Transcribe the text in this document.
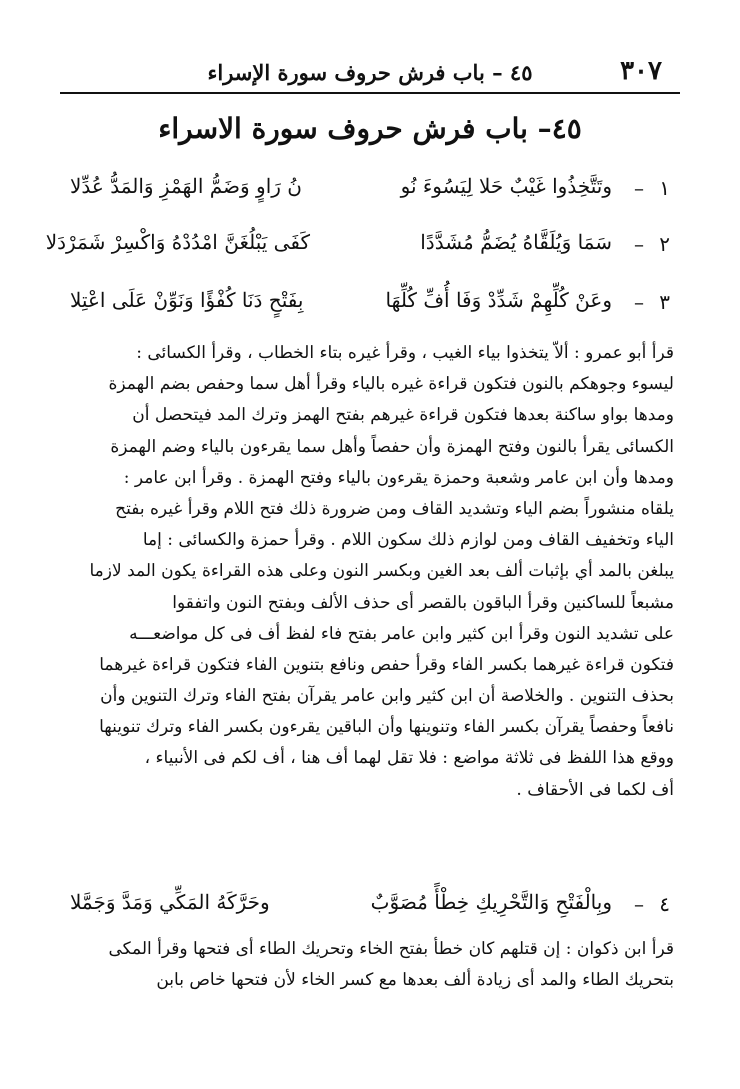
٣٠٧
٤٥ – باب فرش حروف سورة الإسراء
٤٥– باب فرش حروف سورة الاسراء
١
–
وتَتَّخِذُوا غَيْبٌ حَلا لِيَسُوءَ نُو
نُ رَاوٍ وَضَمُّ الهَمْزِ وَالمَدُّ عُدِّلا
٢
–
سَمَا وَيُلَقَّاهُ يُضَمُّ مُشَدَّدًا
كَفَى يَبْلُغَنَّ امْدُدْهُ وَاكْسِرْ شَمَرْدَلا
٣
–
وعَنْ كُلِّهِمْ شَدِّدْ وَفَا أُفِّ كُلِّهَا
بِفَتْحٍ دَنَا كُفْؤًا وَنَوِّنْ عَلَى اعْتِلا
قرأ أبو عمرو : ألاّ يتخذوا بياء الغيب ، وقرأ غيره بتاء الخطاب ، وقرأ الكسائى :
ليسوء وجوهكم بالنون فتكون قراءة غيره بالياء وقرأ أهل سما وحفص بضم الهمزة
ومدها بواو ساكنة بعدها فتكون قراءة غيرهم بفتح الهمز وترك المد فيتحصل أن
الكسائى يقرأ بالنون وفتح الهمزة وأن حفصاً وأهل سما يقرءون بالياء وضم الهمزة
ومدها وأن ابن عامر وشعبة وحمزة يقرءون بالياء وفتح الهمزة . وقرأ ابن عامر :
يلقاه منشوراً بضم الياء وتشديد القاف ومن ضرورة ذلك فتح اللام وقرأ غيره بفتح
الياء وتخفيف القاف ومن لوازم ذلك سكون اللام . وقرأ حمزة والكسائى : إما
يبلغن بالمد أي بإثبات ألف بعد الغين وبكسر النون وعلى هذه القراءة يكون المد لازما
مشبعاً للساكنين وقرأ الباقون بالقصر أى حذف الألف وبفتح النون واتفقوا
على تشديد النون وقرأ ابن كثير وابن عامر بفتح فاء لفظ أف فى كل مواضعـــه
فتكون قراءة غيرهما بكسر الفاء وقرأ حفص ونافع بتنوين الفاء فتكون قراءة غيرهما
بحذف التنوين . والخلاصة أن ابن كثير وابن عامر يقرآن بفتح الفاء وترك التنوين وأن
نافعاً وحفصاً يقرآن بكسر الفاء وتنوينها وأن الباقين يقرءون بكسر الفاء وترك تنوينها
ووقع هذا اللفظ فى ثلاثة مواضع : فلا تقل لهما أف هنا ، أف لكم فى الأنبياء ،
أف لكما فى الأحقاف .
٤
–
وبِالْفَتْحِ وَالتَّحْرِيكِ خِطْأً مُصَوَّبٌ
وحَرَّكَهُ المَكِّي وَمَدَّ وَجَمَّلا
قرأ ابن ذكوان : إن قتلهم كان خطأ بفتح الخاء وتحريك الطاء أى فتحها وقرأ المكى
بتحريك الطاء والمد أى زيادة ألف بعدها مع كسر الخاء لأن فتحها خاص بابن
